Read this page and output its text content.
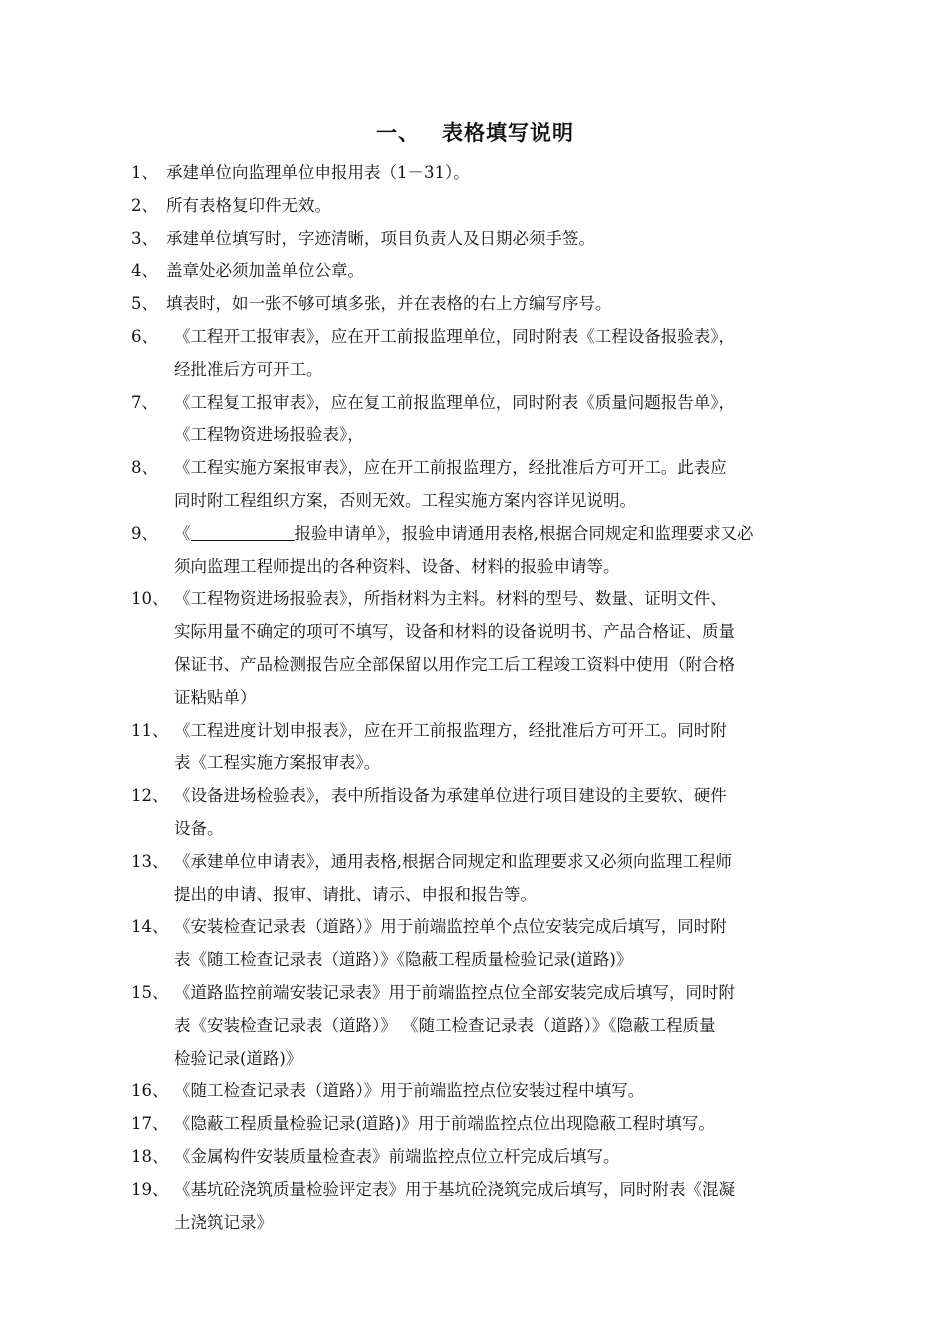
一、 表格填写说明
1、 承建单位向监理单位申报用表（1－31）。
2、 所有表格复印件无效。
3、 承建单位填写时，字迹清晰，项目负责人及日期必须手签。
4、 盖章处必须加盖单位公章。
5、 填表时，如一张不够可填多张，并在表格的右上方编写序号。
6、 《工程开工报审表》，应在开工前报监理单位，同时附表《工程设备报验表》，
经批准后方可开工。
7、 《工程复工报审表》，应在复工前报监理单位，同时附表《质量问题报告单》，
《工程物资进场报验表》，
8、 《工程实施方案报审表》，应在开工前报监理方，经批准后方可开工。此表应
同时附工程组织方案，否则无效。工程实施方案内容详见说明。
9、 《	报验申请单》，报验申请通用表格,根据合同规定和监理要求又必
须向监理工程师提出的各种资料、设备、材料的报验申请等。
10、 《工程物资进场报验表》，所指材料为主料。材料的型号、数量、证明文件、
实际用量不确定的项可不填写，设备和材料的设备说明书、产品合格证、质量
保证书、产品检测报告应全部保留以用作完工后工程竣工资料中使用（附合格
证粘贴单）
11、 《工程进度计划申报表》，应在开工前报监理方，经批准后方可开工。同时附
表《工程实施方案报审表》。
12、 《设备进场检验表》，表中所指设备为承建单位进行项目建设的主要软、硬件
设备。
13、 《承建单位申请表》，通用表格,根据合同规定和监理要求又必须向监理工程师
提出的申请、报审、请批、请示、申报和报告等。
14、 《安装检查记录表（道路）》用于前端监控单个点位安装完成后填写，同时附
表《随工检查记录表（道路）》《隐蔽工程质量检验记录(道路)》
15、 《道路监控前端安装记录表》用于前端监控点位全部安装完成后填写，同时附
表《安装检查记录表（道路）》 《随工检查记录表（道路）》《隐蔽工程质量
检验记录(道路)》
16、 《随工检查记录表（道路）》用于前端监控点位安装过程中填写。
17、 《隐蔽工程质量检验记录(道路)》用于前端监控点位出现隐蔽工程时填写。
18、 《金属构件安装质量检查表》前端监控点位立杆完成后填写。
19、 《基坑砼浇筑质量检验评定表》用于基坑砼浇筑完成后填写，同时附表《混凝
土浇筑记录》
